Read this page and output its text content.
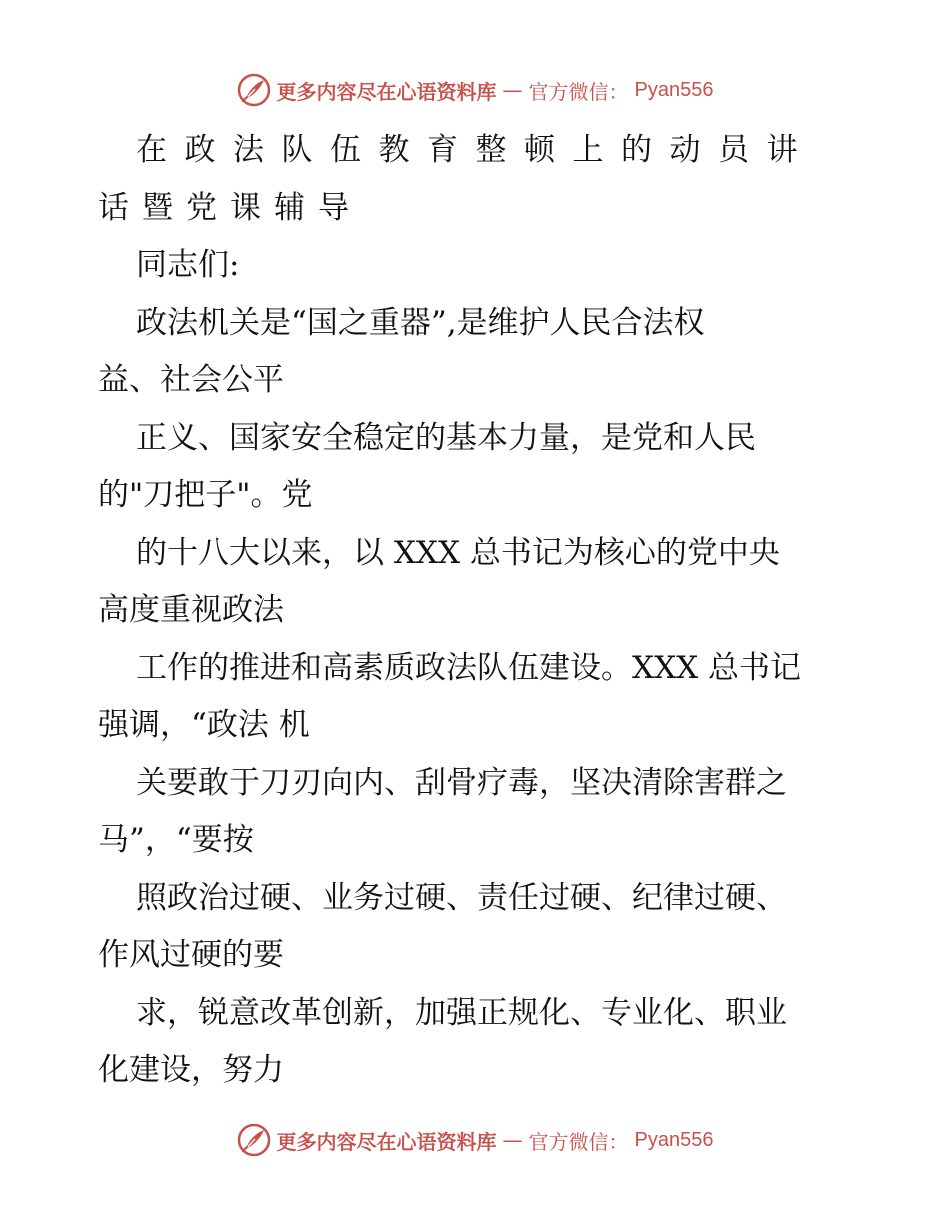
更多内容尽在心语资料库 — 官方微信： Pyan556
在政法队伍教育整顿上的动员讲
话暨党课辅导
同志们:
政法机关是“国之重器”,是维护人民合法权
益、社会公平
正义、国家安全稳定的基本力量，是党和人民
的"刀把子"。党
的十八大以来，以 XXX 总书记为核心的党中央
高度重视政法
工作的推进和高素质政法队伍建设。XXX 总书记
强调，“政法 机
关要敢于刀刃向内、刮骨疗毒，坚决清除害群之
马”，“要按
照政治过硬、业务过硬、责任过硬、纪律过硬、
作风过硬的要
求，锐意改革创新，加强正规化、专业化、职业
化建设，努力
更多内容尽在心语资料库 — 官方微信： Pyan556
